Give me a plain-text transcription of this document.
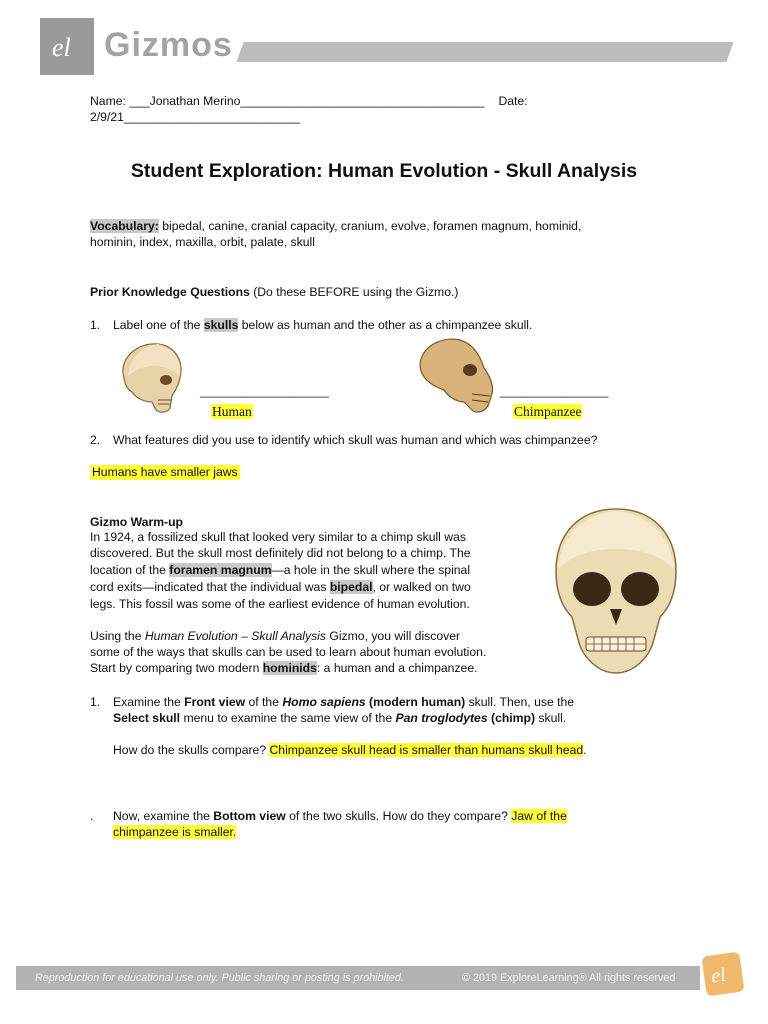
el Gizmos
Name: ___Jonathan Merino____________________________________ Date:
2/9/21__________________________
Student Exploration: Human Evolution - Skull Analysis
Vocabulary: bipedal, canine, cranial capacity, cranium, evolve, foramen magnum, hominid,
hominin, index, maxilla, orbit, palate, skull
Prior Knowledge Questions (Do these BEFORE using the Gizmo.)
1. Label one of the skulls below as human and the other as a chimpanzee skull.
___________________
Human
________________
Chimpanzee
2. What features did you use to identify which skull was human and which was chimpanzee?
Humans have smaller jaws
Gizmo Warm-up
In 1924, a fossilized skull that looked very similar to a chimp skull was
discovered. But the skull most definitely did not belong to a chimp. The
location of the foramen magnum—a hole in the skull where the spinal
cord exits—indicated that the individual was bipedal, or walked on two
legs. This fossil was some of the earliest evidence of human evolution.
Using the Human Evolution – Skull Analysis Gizmo, you will discover
some of the ways that skulls can be used to learn about human evolution.
Start by comparing two modern hominids: a human and a chimpanzee.
1. Examine the Front view of the Homo sapiens (modern human) skull. Then, use the
Select skull menu to examine the same view of the Pan troglodytes (chimp) skull.
How do the skulls compare? Chimpanzee skull head is smaller than humans skull head.
. Now, examine the Bottom view of the two skulls. How do they compare? Jaw of the
chimpanzee is smaller.
Reproduction for educational use only. Public sharing or posting is prohibited.	© 2019 ExploreLearning® All rights reserved el
